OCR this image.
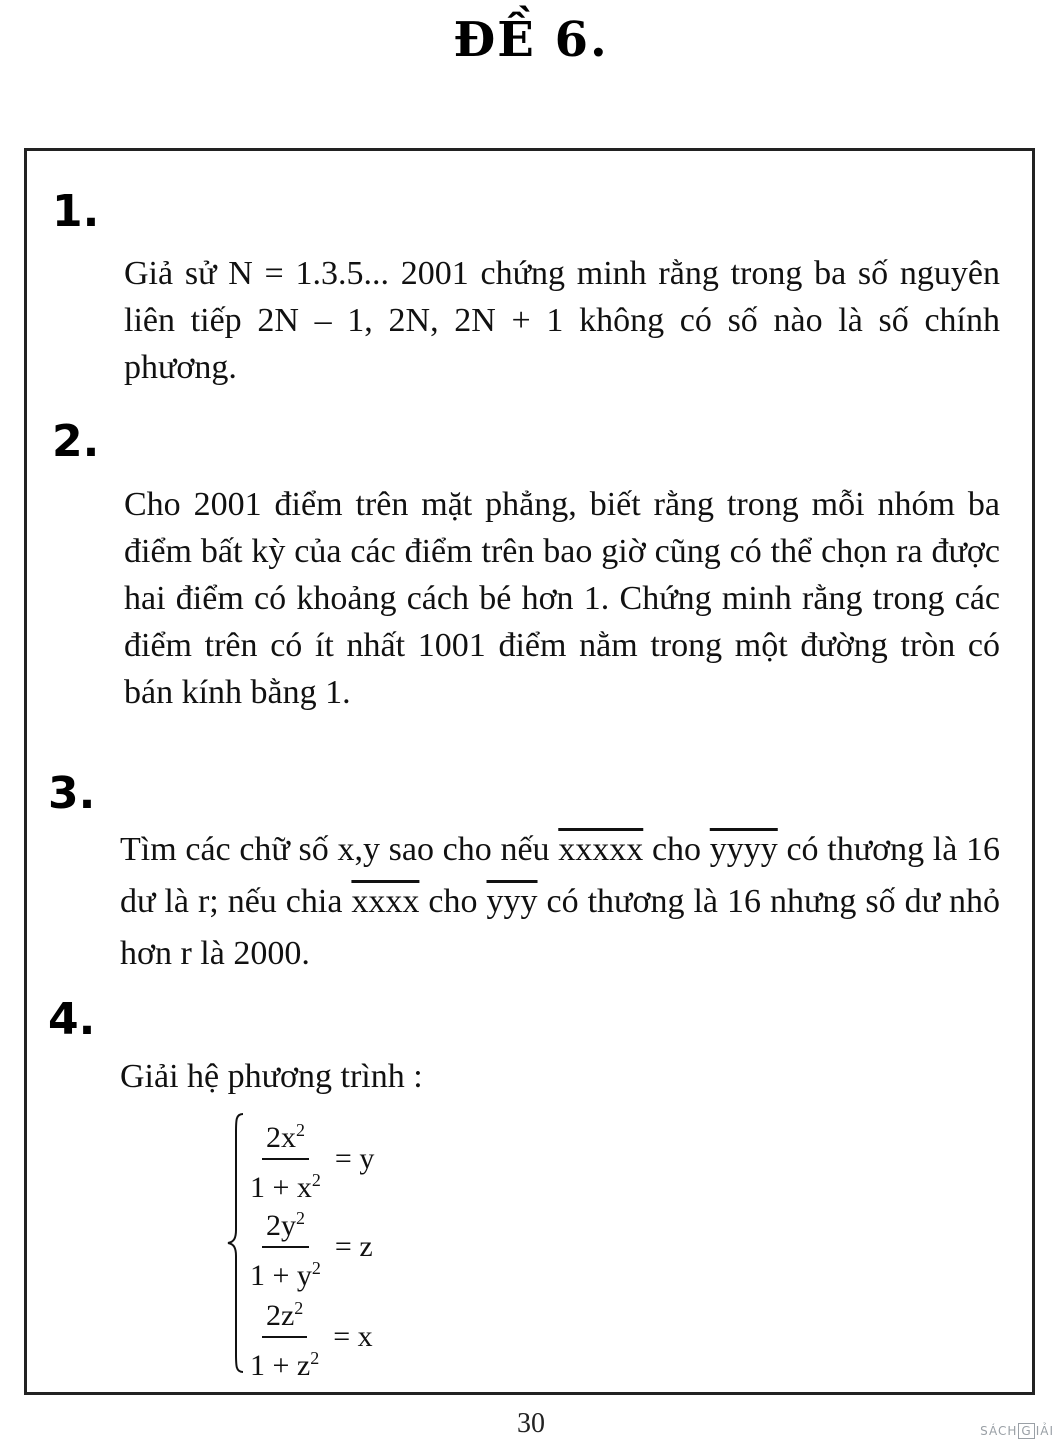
ĐỀ 6.
1.
Giả sử N = 1.3.5... 2001 chứng minh rằng trong ba số nguyên liên tiếp 2N – 1, 2N, 2N + 1 không có số nào là số chính phương.
2.
Cho 2001 điểm trên mặt phẳng, biết rằng trong mỗi nhóm ba điểm bất kỳ của các điểm trên bao giờ cũng có thể chọn ra được hai điểm có khoảng cách bé hơn 1. Chứng minh rằng trong các điểm trên có ít nhất 1001 điểm nằm trong một đường tròn có bán kính bằng 1.
3.
Tìm các chữ số x,y sao cho nếu xxxxx cho yyyy có thương là 16 dư là r; nếu chia xxxx cho $\overline{yyy}$ có thương là 16 nhưng số dư nhỏ hơn r là 2000.
4.
Giải hệ phương trình :
$\frac{2x^2}{1 + x^2} = y$
$\frac{2y^2}{1 + y^2} = z$
$\frac{2z^2}{1 + z^2} = x$
30	SÁCH G IẢI
